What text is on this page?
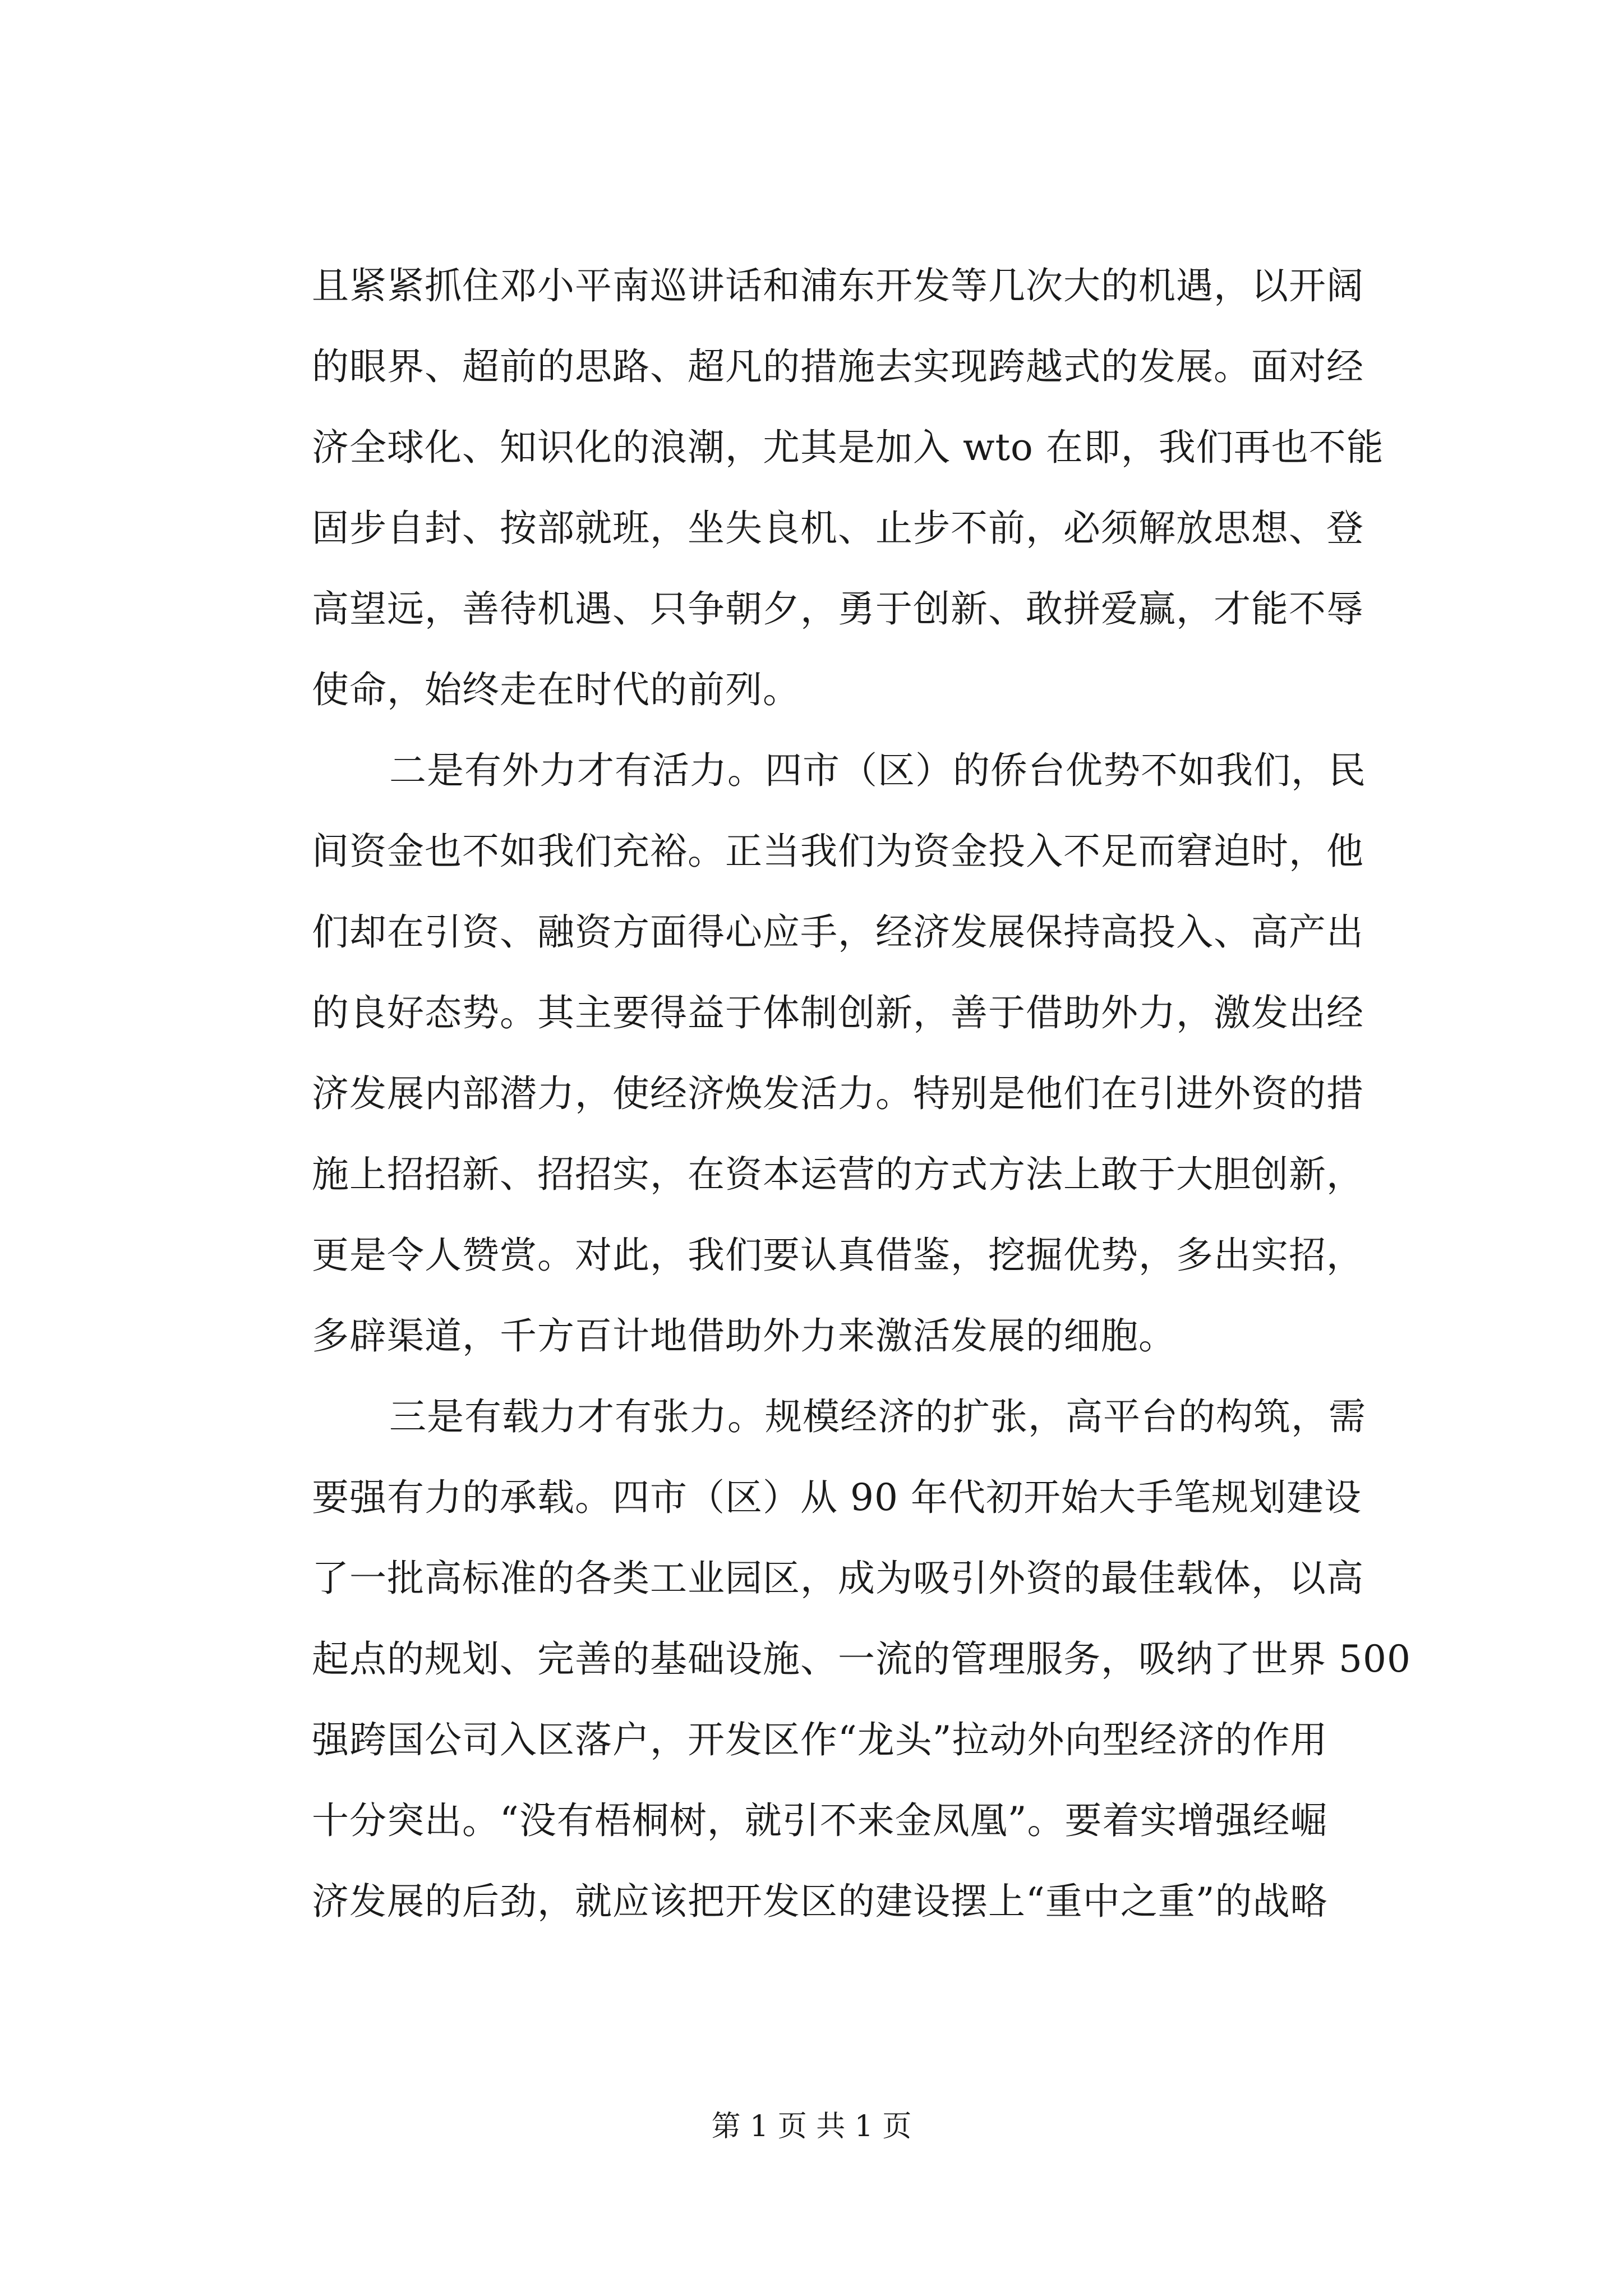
且紧紧抓住邓小平南巡讲话和浦东开发等几次大的机遇，以开阔
的眼界、超前的思路、超凡的措施去实现跨越式的发展。面对经
济全球化、知识化的浪潮，尤其是加入 wto 在即，我们再也不能
固步自封、按部就班，坐失良机、止步不前，必须解放思想、登
高望远，善待机遇、只争朝夕，勇于创新、敢拼爱赢，才能不辱
使命，始终走在时代的前列。
二是有外力才有活力。四市（区）的侨台优势不如我们，民
间资金也不如我们充裕。正当我们为资金投入不足而窘迫时，他
们却在引资、融资方面得心应手，经济发展保持高投入、高产出
的良好态势。其主要得益于体制创新，善于借助外力，激发出经
济发展内部潜力，使经济焕发活力。特别是他们在引进外资的措
施上招招新、招招实，在资本运营的方式方法上敢于大胆创新，
更是令人赞赏。对此，我们要认真借鉴，挖掘优势，多出实招，
多辟渠道，千方百计地借助外力来激活发展的细胞。
三是有载力才有张力。规模经济的扩张，高平台的构筑，需
要强有力的承载。四市（区）从 90 年代初开始大手笔规划建设
了一批高标准的各类工业园区，成为吸引外资的最佳载体，以高
起点的规划、完善的基础设施、一流的管理服务，吸纳了世界 500
强跨国公司入区落户，开发区作“龙头”拉动外向型经济的作用
十分突出。“没有梧桐树，就引不来金凤凰”。要着实增强经崛
济发展的后劲，就应该把开发区的建设摆上“重中之重”的战略
第 1 页 共 1 页
